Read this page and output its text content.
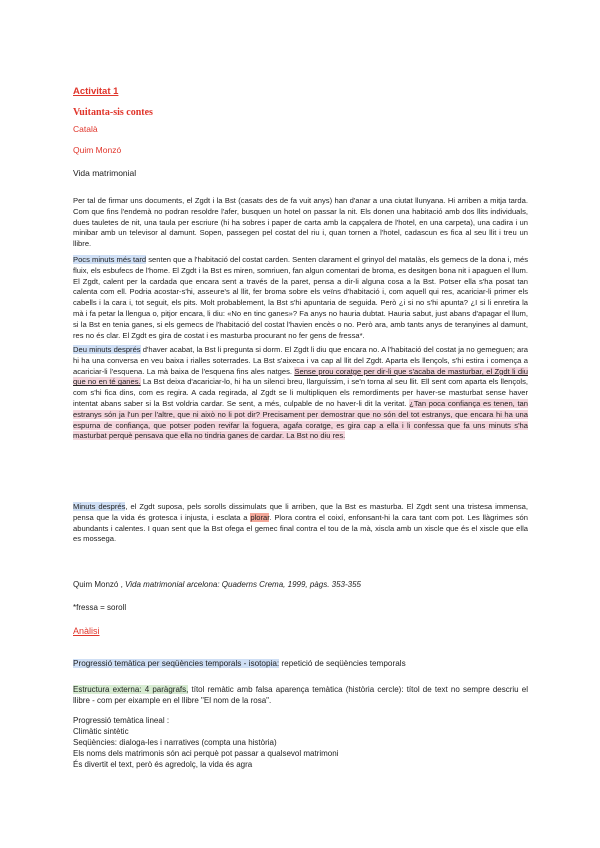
Activitat 1
Vuitanta-sis contes
Català
Quim Monzó
Vida matrimonial
Per tal de firmar uns documents, el Zgdt i la Bst (casats des de fa vuit anys) han d'anar a una ciutat llunyana. Hi arriben a mitja tarda. Com que fins l'endemà no podran resoldre l'afer, busquen un hotel on passar la nit. Els donen una habitació amb dos llits individuals, dues tauletes de nit, una taula per escriure (hi ha sobres i paper de carta amb la capçalera de l'hotel, en una carpeta), una cadira i un minibar amb un televisor al damunt. Sopen, passegen pel costat del riu i, quan tornen a l'hotel, cadascun es fica al seu llit i treu un llibre.
Pocs minuts més tard senten que a l'habitació del costat carden. Senten clarament el grinyol del matalàs, els gemecs de la dona i, més fluix, els esbufecs de l'home. El Zgdt i la Bst es miren, somriuen, fan algun comentari de broma, es desitgen bona nit i apaguen el llum. El Zgdt, calent per la cardada que encara sent a través de la paret, pensa a dir-li alguna cosa a la Bst. Potser ella s'ha posat tan calenta com ell. Podria acostar-s'hi, asseure's al llit, fer broma sobre els veïns d'habitació i, com aquell qui res, acariciar-li primer els cabells i la cara i, tot seguit, els pits. Molt probablement, la Bst s'hi apuntaria de seguida. Però ¿i si no s'hi apunta? ¿I si li enretira la mà i fa petar la llengua o, pitjor encara, li diu: «No en tinc ganes»? Fa anys no hauria dubtat. Hauria sabut, just abans d'apagar el llum, si la Bst en tenia ganes, si els gemecs de l'habitació del costat l'havien encès o no. Però ara, amb tants anys de teranyines al damunt, res no és clar. El Zgdt es gira de costat i es masturba procurant no fer gens de fressa*.
Deu minuts després d'haver acabat, la Bst li pregunta si dorm. El Zgdt li diu que encara no. A l'habitació del costat ja no gemeguen; ara hi ha una conversa en veu baixa i rialles soterrades. La Bst s'aixeca i va cap al llit del Zgdt. Aparta els llençols, s'hi estira i comença a acariciar-li l'esquena. La mà baixa de l'esquena fins ales natges. Sense prou coratge per dir-li que s'acaba de masturbar, el Zgdt li diu que no en té ganes. La Bst deixa d'acariciar-lo, hi ha un silenci breu, llarguíssim, i se'n torna al seu llit. Ell sent com aparta els llençols, com s'hi fica dins, com es regira. A cada regirada, al Zgdt se li multipliquen els remordiments per haver-se masturbat sense haver intentat abans saber si la Bst voldria cardar. Se sent, a més, culpable de no haver-li dit la veritat. ¿Tan poca confiança es tenen, tan estranys són ja l'un per l'altre, que ni això no li pot dir? Precisament per demostrar que no són del tot estranys, que encara hi ha una espurna de confiança, que potser poden revifar la foguera, agafa coratge, es gira cap a ella i li confessa que fa uns minuts s'ha masturbat perquè pensava que ella no tindria ganes de cardar. La Bst no diu res.
Minuts després, el Zgdt suposa, pels sorolls dissimulats que li arriben, que la Bst es masturba. El Zgdt sent una tristesa immensa, pensa que la vida és grotesca i injusta, i esclata a plorar. Plora contra el coixí, enfonsant-hi la cara tant com pot. Les llàgrimes són abundants i calentes. I quan sent que la Bst ofega el gemec final contra el tou de la mà, xiscla amb un xiscle que és el xiscle que ella es mossega.
Quim Monzó , Vida matrimonial arcelona: Quaderns Crema, 1999, pàgs. 353-355
*fressa = soroll
Anàlisi
Progressió temàtica per seqüències temporals - isotopia: repetició de seqüències temporals
Estructura externa: 4 paràgrafs, títol remàtic amb falsa aparença temàtica (història cercle): títol de text no sempre descriu el llibre - com per eixample en el llibre "El nom de la rosa".
Progressió temàtica lineal :
Climàtic sintètic
Seqüències: dialoga-les i narratives (compta una història)
Els noms dels matrimonis són aci perquè pot passar a qualsevol matrimoni
És divertit el text, però és agredolç, la vida és agra
